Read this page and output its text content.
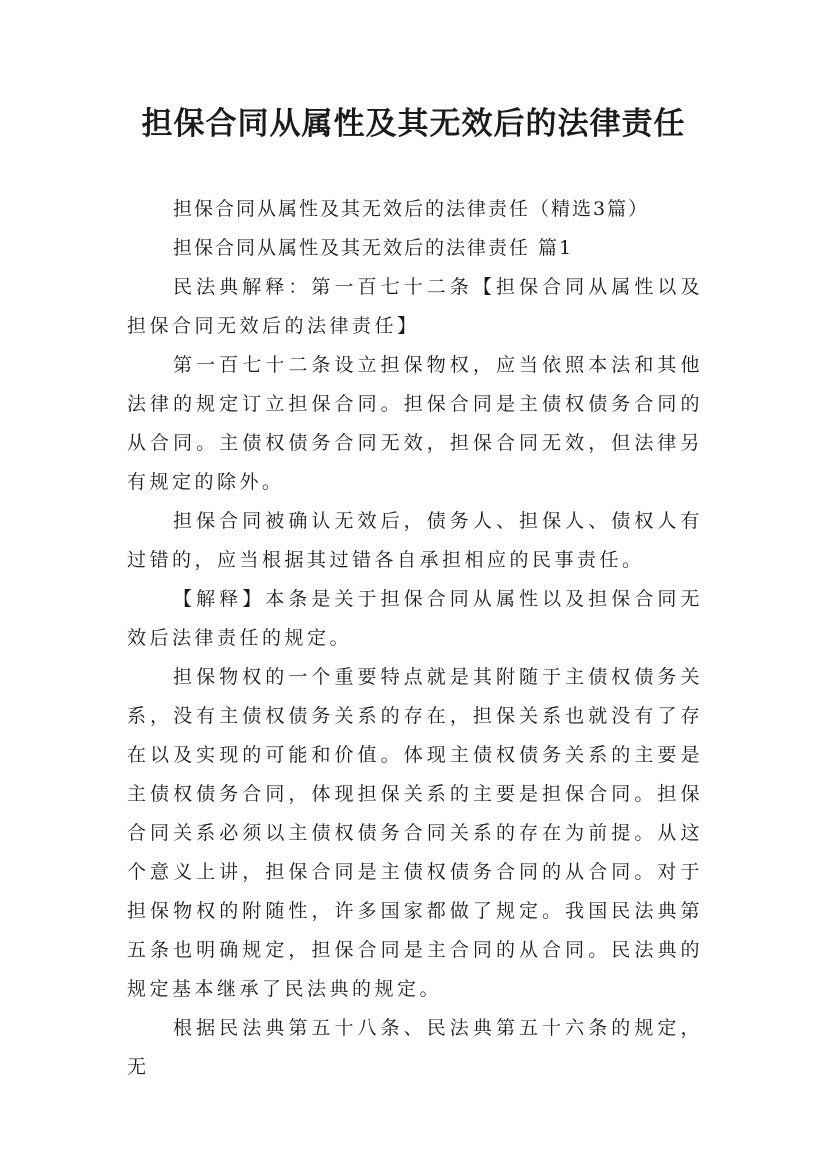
担保合同从属性及其无效后的法律责任

担保合同从属性及其无效后的法律责任（精选3篇）

担保合同从属性及其无效后的法律责任 篇1

民法典解释：第一百七十二条【担保合同从属性以及担保合同无效后的法律责任】

第一百七十二条设立担保物权，应当依照本法和其他法律的规定订立担保合同。担保合同是主债权债务合同的从合同。主债权债务合同无效，担保合同无效，但法律另有规定的除外。

担保合同被确认无效后，债务人、担保人、债权人有过错的，应当根据其过错各自承担相应的民事责任。

【解释】本条是关于担保合同从属性以及担保合同无效后法律责任的规定。

担保物权的一个重要特点就是其附随于主债权债务关系，没有主债权债务关系的存在，担保关系也就没有了存在以及实现的可能和价值。体现主债权债务关系的主要是主债权债务合同，体现担保关系的主要是担保合同。担保合同关系必须以主债权债务合同关系的存在为前提。从这个意义上讲，担保合同是主债权债务合同的从合同。对于担保物权的附随性，许多国家都做了规定。我国民法典第五条也明确规定，担保合同是主合同的从合同。民法典的规定基本继承了民法典的规定。

根据民法典第五十八条、民法典第五十六条的规定，无
